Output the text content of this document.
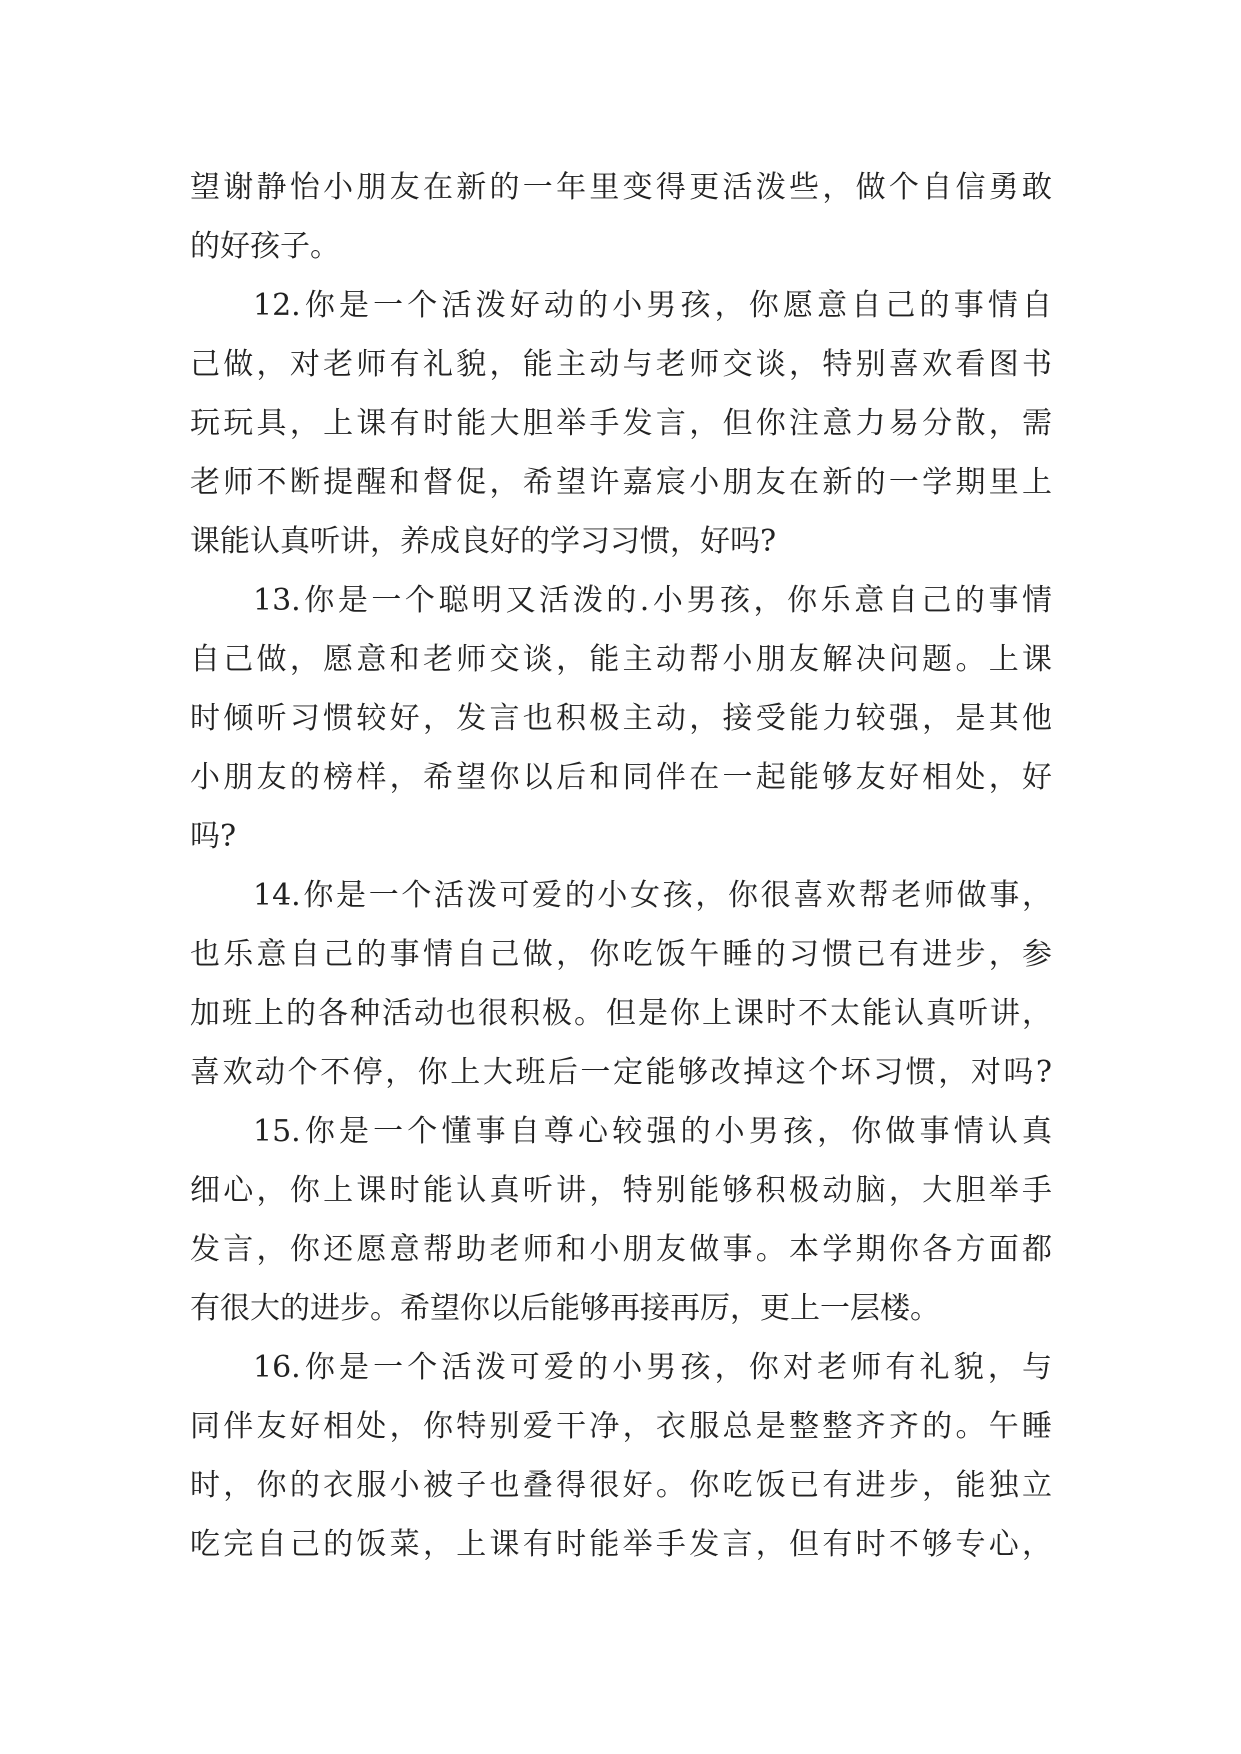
望谢静怡小朋友在新的一年里变得更活泼些，做个自信勇敢
的好孩子。
12.你是一个活泼好动的小男孩，你愿意自己的事情自
己做，对老师有礼貌，能主动与老师交谈，特别喜欢看图书
玩玩具，上课有时能大胆举手发言，但你注意力易分散，需
老师不断提醒和督促，希望许嘉宸小朋友在新的一学期里上
课能认真听讲，养成良好的学习习惯，好吗?
13.你是一个聪明又活泼的.小男孩，你乐意自己的事情
自己做，愿意和老师交谈，能主动帮小朋友解决问题。上课
时倾听习惯较好，发言也积极主动，接受能力较强，是其他
小朋友的榜样，希望你以后和同伴在一起能够友好相处，好
吗?
14.你是一个活泼可爱的小女孩，你很喜欢帮老师做事，
也乐意自己的事情自己做，你吃饭午睡的习惯已有进步，参
加班上的各种活动也很积极。但是你上课时不太能认真听讲，
喜欢动个不停，你上大班后一定能够改掉这个坏习惯，对吗?
15.你是一个懂事自尊心较强的小男孩，你做事情认真
细心，你上课时能认真听讲，特别能够积极动脑，大胆举手
发言，你还愿意帮助老师和小朋友做事。本学期你各方面都
有很大的进步。希望你以后能够再接再厉，更上一层楼。
16.你是一个活泼可爱的小男孩，你对老师有礼貌，与
同伴友好相处，你特别爱干净，衣服总是整整齐齐的。午睡
时，你的衣服小被子也叠得很好。你吃饭已有进步，能独立
吃完自己的饭菜，上课有时能举手发言，但有时不够专心，
